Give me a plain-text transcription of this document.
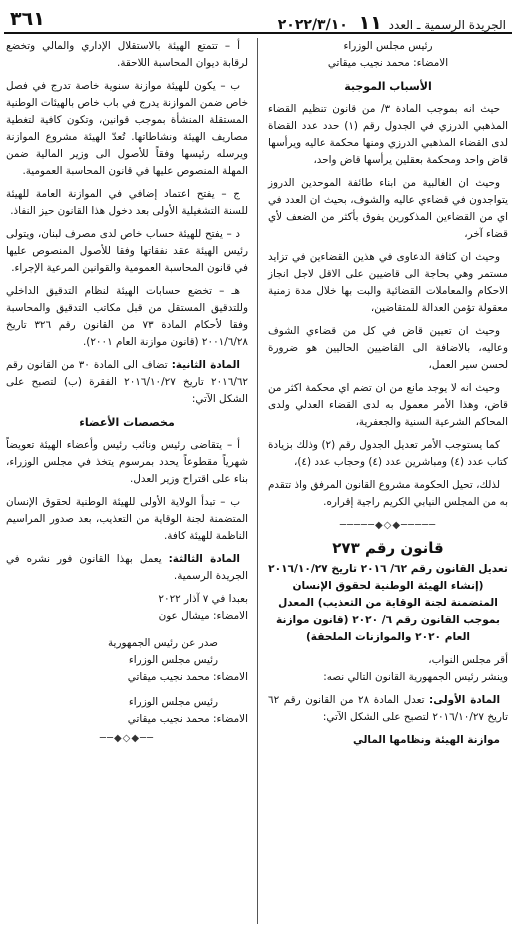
الجريدة الرسمية ـ العدد ١١ ٢٠٢٢/٣/١٠
٣٦١

رئيس مجلس الوزراء

الامضاء: محمد نجيب ميقاتي

الأسباب الموجبة

حيث انه بموجب المادة ٣/ من قانون تنظيم القضاء المذهبي الدرزي في الجدول رقم (١) حدد عدد القضاة لدى القضاء المذهبي الدرزي ومنها محكمة عاليه ويرأسها قاض واحد ومحكمة بعقلين يرأسها قاض واحد،

وحيث ان الغالبية من ابناء طائفة الموحدين الدروز يتواجدون في قضاءي عاليه والشوف، بحيث ان العدد في اي من القضاءين المذكورين يفوق بأكثر من الضعف لأي قضاء آخر،

وحيث ان كثافة الدعاوى في هذين القضاءين في تزايد مستمر وهي بحاجة الى قاضيين على الاقل لاجل انجاز الاحكام والمعاملات القضائية والبت بها خلال مدة زمنية معقولة تؤمن العدالة للمتقاضين،

وحيث ان تعيين قاض في كل من قضاءي الشوف وعاليه، بالاضافة الى القاضيين الحاليين هو ضرورة لحسن سير العمل،

وحيث انه لا يوجد مانع من ان تضم اي محكمة اكثر من قاض، وهذا الأمر معمول به لدى القضاء العدلي ولدى المحاكم الشرعية السنية والجعفرية،

كما يستوجب الأمر تعديل الجدول رقم (٢) وذلك بزيادة كتاب عدد (٤) ومباشرين عدد (٤) وحجاب عدد (٤)،

لذلك، تحيل الحكومة مشروع القانون المرفق واذ تتقدم به من المجلس النيابي الكريم راجية إقراره.

─────◆◇◆─────
قانون رقم ٢٧٣
تعديل القانون رقم ٦٢/ ٢٠١٦ تاريخ ٢٠١٦/١٠/٢٧ (إنشاء الهيئة الوطنية لحقوق الإنسان المتضمنة لجنة الوقاية من التعذيب) المعدل بموجب القانون رقم ٦/ ٢٠٢٠ (قانون موازنة العام ٢٠٢٠ والموازنات الملحقة)

أقر مجلس النواب،

وينشر رئيس الجمهورية القانون التالي نصه:

المادة الأولى: تعدل المادة ٢٨ من القانون رقم ٦٢ تاريخ ٢٠١٦/١٠/٢٧ لتصبح على الشكل الآتي:

موازنة الهيئة ونظامها المالي

أ – تتمتع الهيئة بالاستقلال الإداري والمالي وتخضع لرقابة ديوان المحاسبة اللاحقة.

ب – يكون للهيئة موازنة سنوية خاصة تدرج في فصل خاص ضمن الموازنة يدرج في باب خاص بالهيئات الوطنية المستقلة المنشأة بموجب قوانين، وتكون كافية لتغطية مصاريف الهيئة ونشاطاتها. تُعدّ الهيئة مشروع الموازنة ويرسله رئيسها وفقاً للأصول الى وزير المالية ضمن المهلة المنصوص عليها في قانون المحاسبة العمومية.

ج – يفتح اعتماد إضافي في الموازنة العامة للهيئة للسنة التشغيلية الأولى بعد دخول هذا القانون حيز النفاذ.

د – يفتح للهيئة حساب خاص لدى مصرف لبنان، ويتولى رئيس الهيئة عقد نفقاتها وفقا للأصول المنصوص عليها في قانون المحاسبة العمومية والقوانين المرعية الإجراء.

هـ – تخضع حسابات الهيئة لنظام التدقيق الداخلي وللتدقيق المستقل من قبل مكاتب التدقيق والمحاسبة وفقا لأحكام المادة ٧٣ من القانون رقم ٣٢٦ تاريخ ٢٠٠١/٦/٢٨ (قانون موازنة العام ٢٠٠١).

المادة الثانية: تضاف الى المادة ٣٠ من القانون رقم ٢٠١٦/٦٢ تاريخ ٢٠١٦/١٠/٢٧ الفقرة (ب) لتصبح على الشكل الآتي:

مخصصات الأعضاء

أ – يتقاضى رئيس ونائب رئيس وأعضاء الهيئة تعويضاً شهرياً مقطوعاً يحدد بمرسوم يتخذ في مجلس الوزراء، بناء على اقتراح وزير العدل.

ب – تبدأ الولاية الأولى للهيئة الوطنية لحقوق الإنسان المتضمنة لجنة الوقاية من التعذيب، بعد صدور المراسيم الناظمة للهيئة كافة.

المادة الثالثة: يعمل بهذا القانون فور نشره في الجريدة الرسمية.

بعبدا في ٧ آذار ٢٠٢٢

الامضاء: ميشال عون

صدر عن رئيس الجمهورية

رئيس مجلس الوزراء

الامضاء: محمد نجيب ميقاتي

رئيس مجلس الوزراء

الامضاء: محمد نجيب ميقاتي

──◆◇◆──
